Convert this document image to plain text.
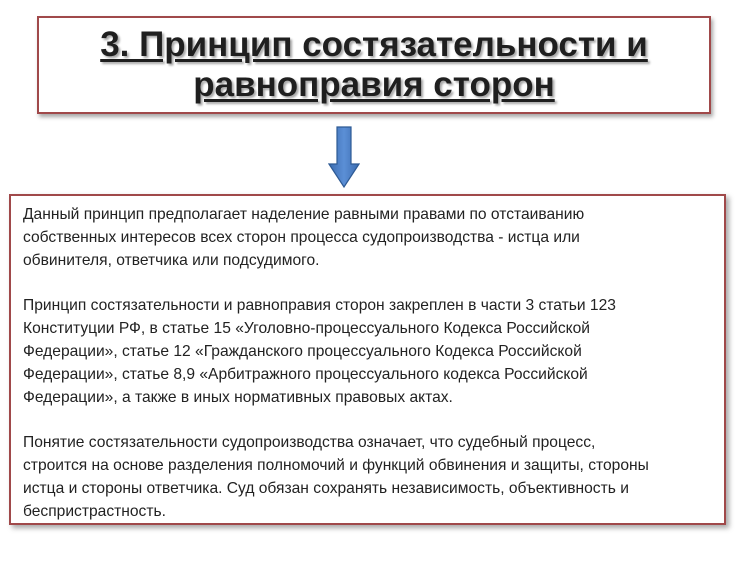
3. Принцип состязательности и
равноправия сторон

Данный принцип предполагает наделение равными правами по отстаиванию
собственных интересов всех сторон процесса судопроизводства - истца или
обвинителя, ответчика или подсудимого.

Принцип состязательности и равноправия сторон закреплен в части 3 статьи 123
Конституции РФ, в статье 15 «Уголовно-процессуального Кодекса Российской
Федерации», статье 12 «Гражданского процессуального Кодекса Российской
Федерации», статье 8,9 «Арбитражного процессуального кодекса Российской
Федерации», а также в иных нормативных правовых актах.

Понятие состязательности судопроизводства означает, что судебный процесс,
строится на основе разделения полномочий и функций обвинения и защиты, стороны
истца и стороны ответчика. Суд обязан сохранять независимость, объективность и
беспристрастность.
